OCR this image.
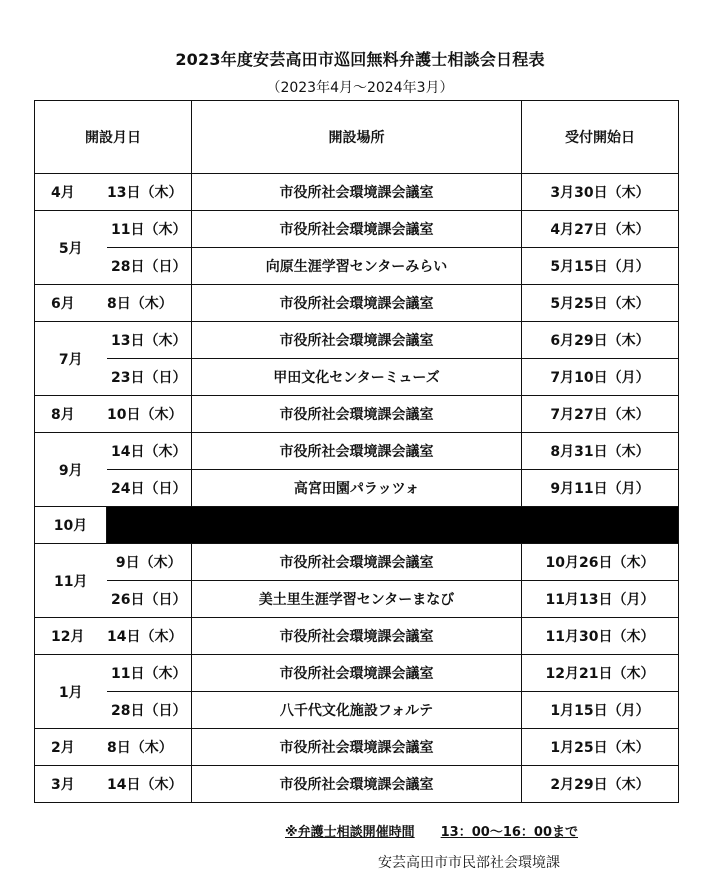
2023年度安芸高田市巡回無料弁護士相談会日程表
（2023年4月～2024年3月）
開設月日		開設場所	受付開始日
4月 13日（木）		市役所社会環境課会議室	3月30日（木）
5月	11日（木）	市役所社会環境課会議室	4月27日（木）
	28日（日）	向原生涯学習センターみらい	5月15日（月）
6月 8日（木）		市役所社会環境課会議室	5月25日（木）
7月	13日（木）	市役所社会環境課会議室	6月29日（木）
	23日（日）	甲田文化センターミューズ	7月10日（月）
8月 10日（木）		市役所社会環境課会議室	7月27日（木）
9月	14日（木）	市役所社会環境課会議室	8月31日（木）
	24日（日）	高宮田園パラッツォ	9月11日（月）
10月			
11月	9日（木）	市役所社会環境課会議室	10月26日（木）
	26日（日）	美土里生涯学習センターまなび	11月13日（月）
12月 14日（木）		市役所社会環境課会議室	11月30日（木）
1月	11日（木）	市役所社会環境課会議室	12月21日（木）
	28日（日）	八千代文化施設フォルテ	1月15日（月）
2月 8日（木）		市役所社会環境課会議室	1月25日（木）
3月 14日（木）		市役所社会環境課会議室	2月29日（木）
※弁護士相談開催時間 13：00～16：00まで
安芸高田市市民部社会環境課
